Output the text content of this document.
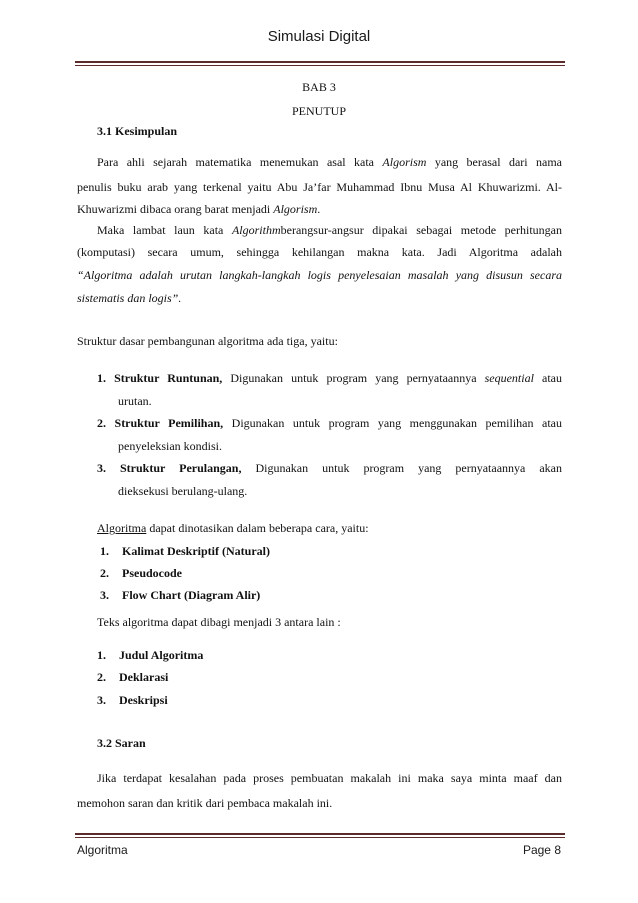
Simulasi Digital
BAB 3
PENUTUP
3.1 Kesimpulan
Para ahli sejarah matematika menemukan asal kata Algorism yang berasal dari nama
penulis buku arab yang terkenal yaitu Abu Ja’far Muhammad Ibnu Musa Al Khuwarizmi. Al-
Khuwarizmi dibaca orang barat menjadi Algorism.
Maka lambat laun kata Algorithmberangsur-angsur dipakai sebagai metode perhitungan
(komputasi) secara umum, sehingga kehilangan makna kata. Jadi Algoritma adalah
“Algoritma adalah urutan langkah-langkah logis penyelesaian masalah yang disusun secara
sistematis dan logis”.
Struktur dasar pembangunan algoritma ada tiga, yaitu:
1. Struktur Runtunan, Digunakan untuk program yang pernyataannya sequential atau
urutan.
2. Struktur Pemilihan, Digunakan untuk program yang menggunakan pemilihan atau
penyeleksian kondisi.
3. Struktur Perulangan, Digunakan untuk program yang pernyataannya akan
dieksekusi berulang-ulang.
Algoritma dapat dinotasikan dalam beberapa cara, yaitu:
1. Kalimat Deskriptif (Natural)
2. Pseudocode
3. Flow Chart (Diagram Alir)
Teks algoritma dapat dibagi menjadi 3 antara lain :
1. Judul Algoritma
2. Deklarasi
3. Deskripsi
3.2 Saran
Jika terdapat kesalahan pada proses pembuatan makalah ini maka saya minta maaf dan
memohon saran dan kritik dari pembaca makalah ini.
Algoritma	Page 8
